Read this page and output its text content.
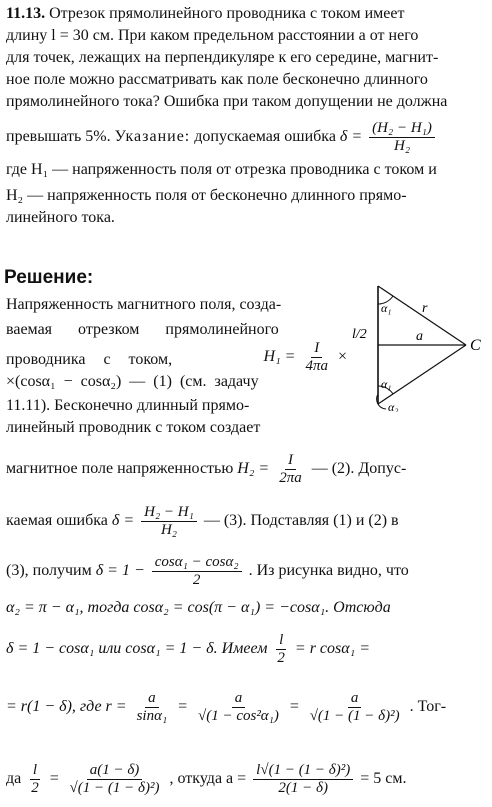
11.13. Отрезок прямолинейного проводника с током имеет
длину l = 30 см. При каком предельном расстоянии a от него
для точек, лежащих на перпендикуляре к его середине, магнит-
ное поле можно рассматривать как поле бесконечно длинного
прямолинейного тока? Ошибка при таком допущении не должна
превышать 5%. Указание: допускаемая ошибка $\delta = \frac{\text{(H₂ − H₁)}}{\text{H₂}}$
где H₁ — напряженность поля от отрезка проводника с током и
H₂ — напряженность поля от бесконечно длинного прямо-
линейного тока.
Решение:
Напряженность магнитного поля, созда-
ваемая отрезком прямолинейного
проводника с током,	$H_1 = \frac{I}{4\pi a}$ ×
×(cosα₁ − cosα₂) — (1) (см. задачу
11.11). Бесконечно длинный прямо-
линейный проводник с током создает
магнитное поле напряженностью $H_2 = \frac{I}{2\pi a}$ — (2). Допус-
каемая ошибка $\delta = \frac{\text{H₂ − H₁}}{\text{H₂}}$ — (3). Подставляя (1) и (2) в
(3), получим $\delta = 1 - \frac{\text{cosα₁ − cosα₂}}{2}$ . Из рисунка видно, что
α₂ = π − α₁, тогда cosα₂ = cos(π − α₁) = −cosα₁. Отсюда
δ = 1 − cosα₁ или cosα₁ = 1 − δ. Имеем $\frac{l}{2} = r$ cosα₁ =
= r(1 − δ), где $r = \frac{a}{\text{sinα₁}} = \frac{a}{\text{√(1 − cos²α₁)}} = \frac{a}{\text{√(1 − (1 − δ)²)}}$ . Тог-
да $\frac{l}{2} = \frac{a(1 - \delta)}{\text{√(1 − (1 − δ)²)}}$ , откуда $a = \frac{\text{l√(1 − (1 − δ)²)}}{2(1 - \delta)} = 5$ см.
l/2
r
a
C
α₁
α₁
α₂
